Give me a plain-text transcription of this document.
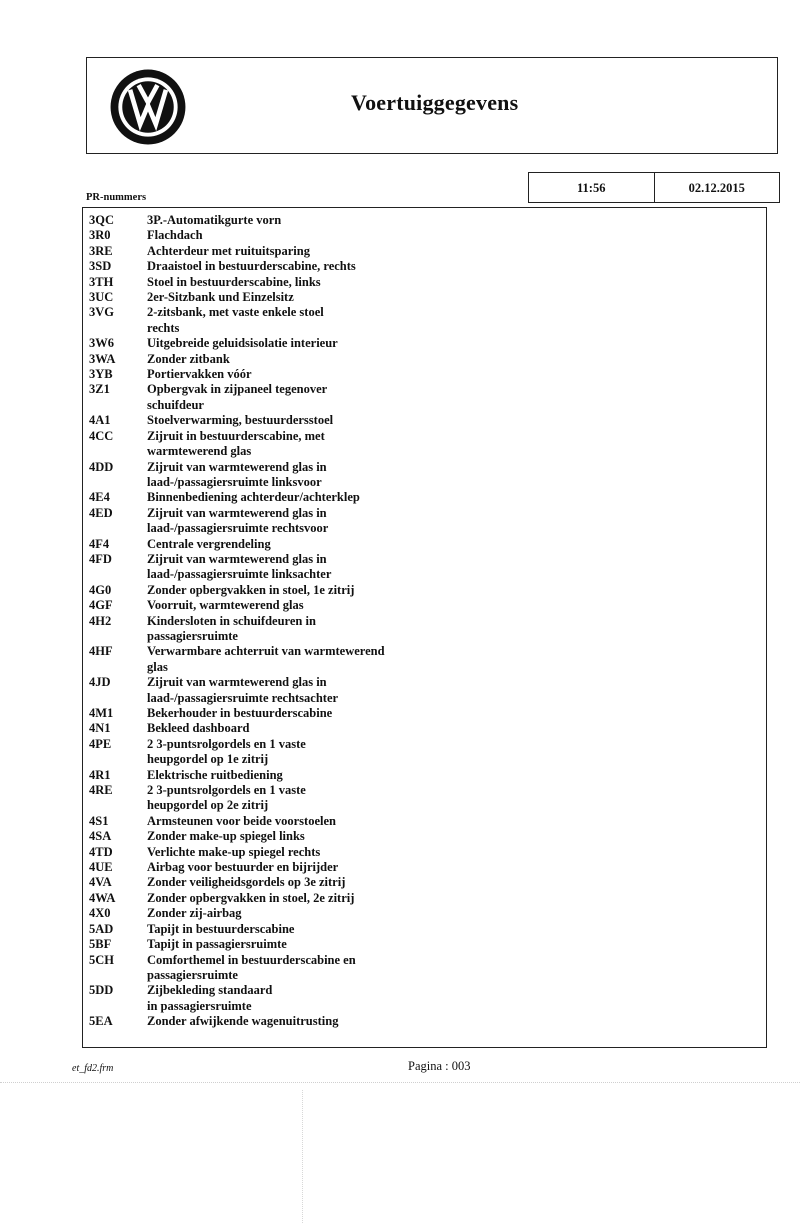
Voertuiggegevens
PR-nummers
11:56	02.12.2015
3QC	3P.-Automatikgurte vorn
3R0	Flachdach
3RE	Achterdeur met ruituitsparing
3SD	Draaistoel in bestuurderscabine, rechts
3TH	Stoel in bestuurderscabine, links
3UC	2er-Sitzbank und Einzelsitz
3VG	2-zitsbank, met vaste enkele stoel
rechts
3W6	Uitgebreide geluidsisolatie interieur
3WA	Zonder zitbank
3YB	Portiervakken vóór
3Z1	Opbergvak in zijpaneel tegenover
schuifdeur
4A1	Stoelverwarming, bestuurdersstoel
4CC	Zijruit in bestuurderscabine, met
warmtewerend glas
4DD	Zijruit van warmtewerend glas in
laad-/passagiersruimte linksvoor
4E4	Binnenbediening achterdeur/achterklep
4ED	Zijruit van warmtewerend glas in
laad-/passagiersruimte rechtsvoor
4F4	Centrale vergrendeling
4FD	Zijruit van warmtewerend glas in
laad-/passagiersruimte linksachter
4G0	Zonder opbergvakken in stoel, 1e zitrij
4GF	Voorruit, warmtewerend glas
4H2	Kindersloten in schuifdeuren in
passagiersruimte
4HF	Verwarmbare achterruit van warmtewerend
glas
4JD	Zijruit van warmtewerend glas in
laad-/passagiersruimte rechtsachter
4M1	Bekerhouder in bestuurderscabine
4N1	Bekleed dashboard
4PE	2 3-puntsrolgordels en 1 vaste
heupgordel op 1e zitrij
4R1	Elektrische ruitbediening
4RE	2 3-puntsrolgordels en 1 vaste
heupgordel op 2e zitrij
4S1	Armsteunen voor beide voorstoelen
4SA	Zonder make-up spiegel links
4TD	Verlichte make-up spiegel rechts
4UE	Airbag voor bestuurder en bijrijder
4VA	Zonder veiligheidsgordels op 3e zitrij
4WA	Zonder opbergvakken in stoel, 2e zitrij
4X0	Zonder zij-airbag
5AD	Tapijt in bestuurderscabine
5BF	Tapijt in passagiersruimte
5CH	Comforthemel in bestuurderscabine en
passagiersruimte
5DD	Zijbekleding standaard
in passagiersruimte
5EA	Zonder afwijkende wagenuitrusting
et_fd2.frm	Pagina : 003
